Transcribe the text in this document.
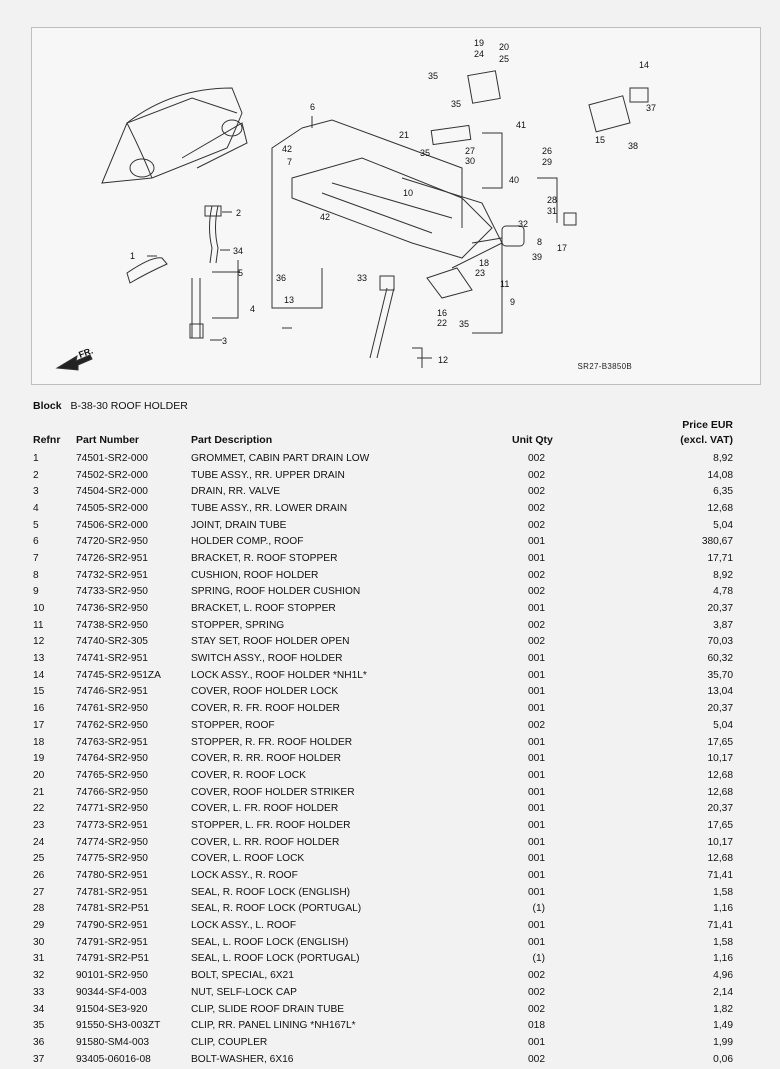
1
2
3
4
5
6
7
8
9
10
11
12
13
14
15
16
17
18
19 20
21
22
23
24 25
26
27
28
29
30
31
32
33
34
35
35
35
35
36
37
38
39
40
41
42
42
FR.
SR27-B3850B
Block B-38-30 ROOF HOLDER
Refnr Part Number	Part Description	Unit Qty
Price EUR
(excl. VAT)
1	74501-SR2-000	GROMMET, CABIN PART DRAIN LOW	002	8,92
2	74502-SR2-000	TUBE ASSY., RR. UPPER DRAIN	002	14,08
3	74504-SR2-000	DRAIN, RR. VALVE	002	6,35
4	74505-SR2-000	TUBE ASSY., RR. LOWER DRAIN	002	12,68
5	74506-SR2-000	JOINT, DRAIN TUBE	002	5,04
6	74720-SR2-950	HOLDER COMP., ROOF	001	380,67
7	74726-SR2-951	BRACKET, R. ROOF STOPPER	001	17,71
8	74732-SR2-951	CUSHION, ROOF HOLDER	002	8,92
9	74733-SR2-950	SPRING, ROOF HOLDER CUSHION	002	4,78
10	74736-SR2-950	BRACKET, L. ROOF STOPPER	001	20,37
11	74738-SR2-950	STOPPER, SPRING	002	3,87
12	74740-SR2-305	STAY SET, ROOF HOLDER OPEN	002	70,03
13	74741-SR2-951	SWITCH ASSY., ROOF HOLDER	001	60,32
14	74745-SR2-951ZA	LOCK ASSY., ROOF HOLDER *NH1L*	001	35,70
15	74746-SR2-951	COVER, ROOF HOLDER LOCK	001	13,04
16	74761-SR2-950	COVER, R. FR. ROOF HOLDER	001	20,37
17	74762-SR2-950	STOPPER, ROOF	002	5,04
18	74763-SR2-951	STOPPER, R. FR. ROOF HOLDER	001	17,65
19	74764-SR2-950	COVER, R. RR. ROOF HOLDER	001	10,17
20	74765-SR2-950	COVER, R. ROOF LOCK	001	12,68
21	74766-SR2-950	COVER, ROOF HOLDER STRIKER	001	12,68
22	74771-SR2-950	COVER, L. FR. ROOF HOLDER	001	20,37
23	74773-SR2-951	STOPPER, L. FR. ROOF HOLDER	001	17,65
24	74774-SR2-950	COVER, L. RR. ROOF HOLDER	001	10,17
25	74775-SR2-950	COVER, L. ROOF LOCK	001	12,68
26	74780-SR2-951	LOCK ASSY., R. ROOF	001	71,41
27	74781-SR2-951	SEAL, R. ROOF LOCK (ENGLISH)	001	1,58
28	74781-SR2-P51	SEAL, R. ROOF LOCK (PORTUGAL)	(1)	1,16
29	74790-SR2-951	LOCK ASSY., L. ROOF	001	71,41
30	74791-SR2-951	SEAL, L. ROOF LOCK (ENGLISH)	001	1,58
31	74791-SR2-P51	SEAL, L. ROOF LOCK (PORTUGAL)	(1)	1,16
32	90101-SR2-950	BOLT, SPECIAL, 6X21	002	4,96
33	90344-SF4-003	NUT, SELF-LOCK CAP	002	2,14
34	91504-SE3-920	CLIP, SLIDE ROOF DRAIN TUBE	002	1,82
35	91550-SH3-003ZT	CLIP, RR. PANEL LINING *NH167L*	018	1,49
36	91580-SM4-003	CLIP, COUPLER	001	1,99
37	93405-06016-08	BOLT-WASHER, 6X16	002	0,06
